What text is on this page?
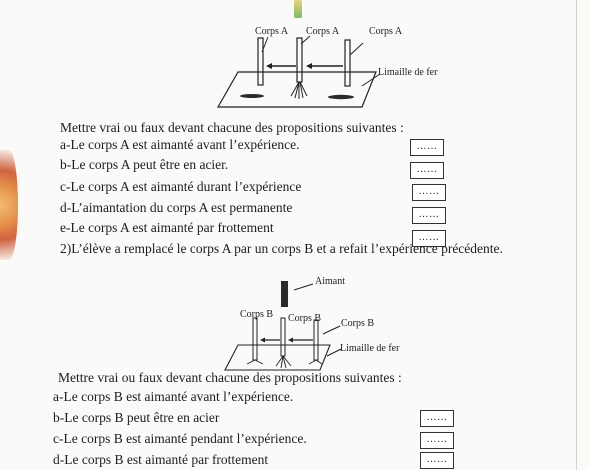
Corps A Corps A	Corps A
Limaille de fer
Mettre vrai ou faux devant chacune des propositions suivantes :
a-Le corps A est aimanté avant l’expérience.
b-Le corps A peut être en acier.
c-Le corps A est aimanté durant l’expérience
d-L’aimantation du corps A est permanente
e-Le corps A est aimanté par frottement
……
……
……
……
……
2)L’élève a remplacé le corps A par un corps B et a refait l’expérience précédente.
Aimant
Corps B Corps B Corps B
Limaille de fer
Mettre vrai ou faux devant chacune des propositions suivantes :
a-Le corps B est aimanté avant l’expérience.
b-Le corps B peut être en acier
c-Le corps B est aimanté pendant l’expérience.
d-Le corps B est aimanté par frottement
……
……
……
